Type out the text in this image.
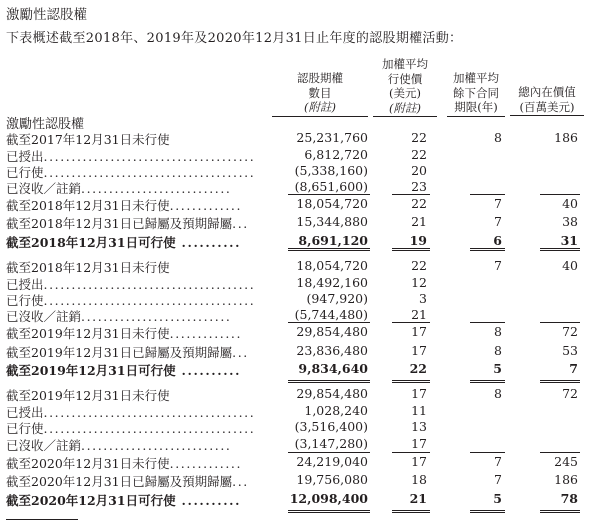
激勵性認股權
下表概述截至2018年、2019年及2020年12月31日止年度的認股期權活動：
認股期權
數目
(附註)
加權平均
行使價
(美元)
(附註)
加權平均
餘下合同
期限(年)
總內在價值
(百萬美元)
激勵性認股權
截至2017年12月31日未行使	25,231,760	22	8	186
已授出......................................	6,812,720	22
已行使......................................	(5,338,160)	20
已沒收／註銷...........................	(8,651,600)	23
截至2018年12月31日未行使.............	18,054,720	22	7	40
截至2018年12月31日已歸屬及預期歸屬...	15,344,880	21	7	38
截至2018年12月31日可行使 ..........	8,691,120	19	6	31
截至2018年12月31日未行使	18,054,720	22	7	40
已授出......................................	18,492,160	12
已行使......................................	(947,920)	3
已沒收／註銷...........................	(5,744,480)	21
截至2019年12月31日未行使.............	29,854,480	17	8	72
截至2019年12月31日已歸屬及預期歸屬...	23,836,480	17	8	53
截至2019年12月31日可行使 ..........	9,834,640	22	5	7
截至2019年12月31日未行使	29,854,480	17	8	72
已授出......................................	1,028,240	11
已行使......................................	(3,516,400)	13
已沒收／註銷...........................	(3,147,280)	17
截至2020年12月31日未行使.............	24,219,040	17	7	245
截至2020年12月31日已歸屬及預期歸屬...	19,756,080	18	7	186
截至2020年12月31日可行使 ..........	12,098,400	21	5	78
